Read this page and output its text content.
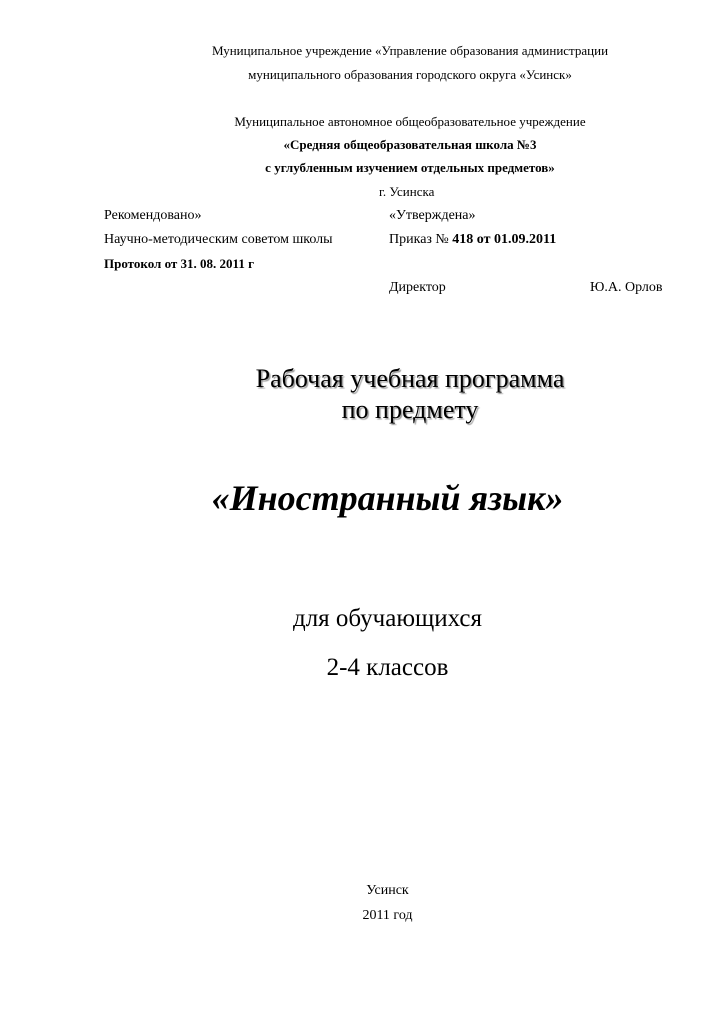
Муниципальное учреждение «Управление образования администрации
муниципального образования городского округа «Усинск»
Муниципальное автономное общеобразовательное учреждение
«Средняя общеобразовательная школа №3
с углубленным изучением отдельных предметов»
г. Усинска
Рекомендовано»
Научно-методическим советом школы
Протокол от 31. 08. 2011 г
«Утверждена»
Приказ № 418 от 01.09.2011
Директор	Ю.А. Орлов
Рабочая учебная программа
по предмету
«Иностранный язык»
для обучающихся
2-4 классов
Усинск
2011 год
